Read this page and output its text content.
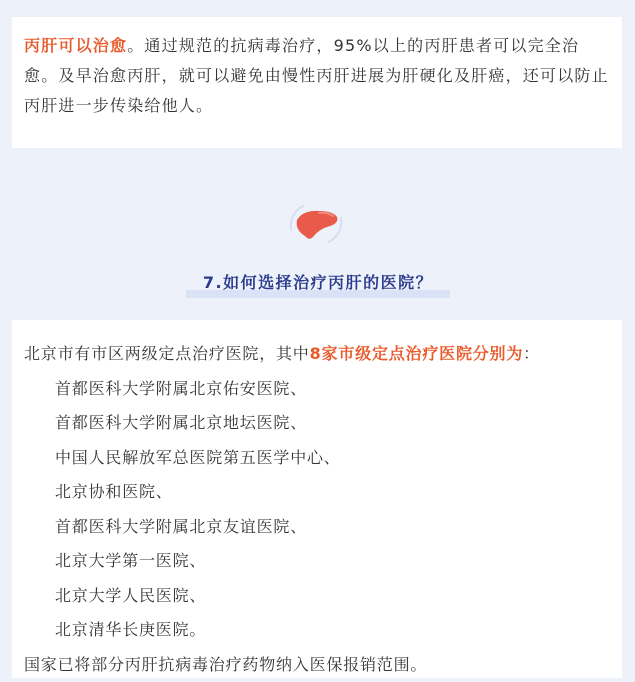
丙肝可以治愈。通过规范的抗病毒治疗，95%以上的丙肝患者可以完全治愈。及早治愈丙肝，就可以避免由慢性丙肝进展为肝硬化及肝癌，还可以防止丙肝进一步传染给他人。

7.如何选择治疗丙肝的医院？
北京市有市区两级定点治疗医院，其中8家市级定点治疗医院分别为：
首都医科大学附属北京佑安医院、
首都医科大学附属北京地坛医院、
中国人民解放军总医院第五医学中心、
北京协和医院、
首都医科大学附属北京友谊医院、
北京大学第一医院、
北京大学人民医院、
北京清华长庚医院。
国家已将部分丙肝抗病毒治疗药物纳入医保报销范围。
